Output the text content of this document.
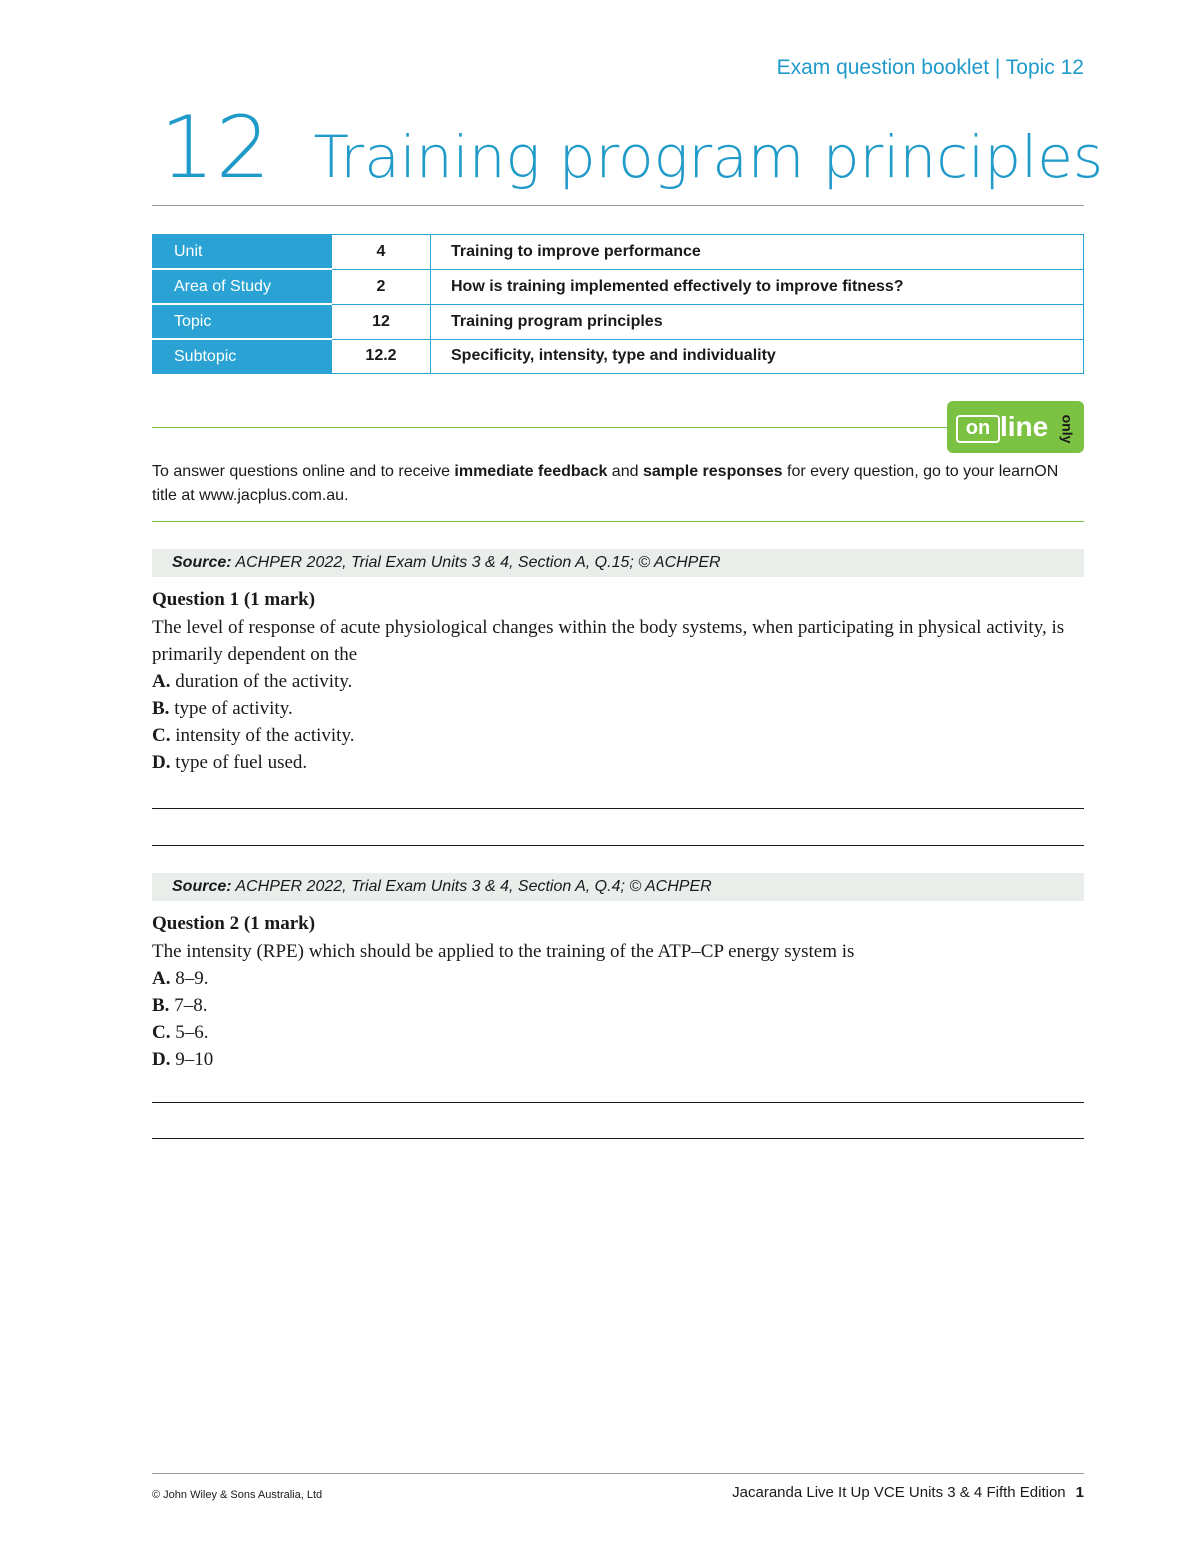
Exam question booklet | Topic 12
12 Training program principles
Unit	4	Training to improve performance
Area of Study	2	How is training implemented effectively to improve fitness?
Topic	12	Training program principles
Subtopic	12.2	Specificity, intensity, type and individuality
on line only
To answer questions online and to receive immediate feedback and sample responses for every question, go to your learnON title at www.jacplus.com.au.
Source: ACHPER 2022, Trial Exam Units 3 & 4, Section A, Q.15; © ACHPER
Question 1 (1 mark)
The level of response of acute physiological changes within the body systems, when participating in physical activity, is primarily dependent on the
A. duration of the activity.
B. type of activity.
C. intensity of the activity.
D. type of fuel used.
Source: ACHPER 2022, Trial Exam Units 3 & 4, Section A, Q.4; © ACHPER
Question 2 (1 mark)
The intensity (RPE) which should be applied to the training of the ATP–CP energy system is
A. 8–9.
B. 7–8.
C. 5–6.
D. 9–10
© John Wiley & Sons Australia, Ltd	Jacaranda Live It Up VCE Units 3 & 4 Fifth Edition 1
